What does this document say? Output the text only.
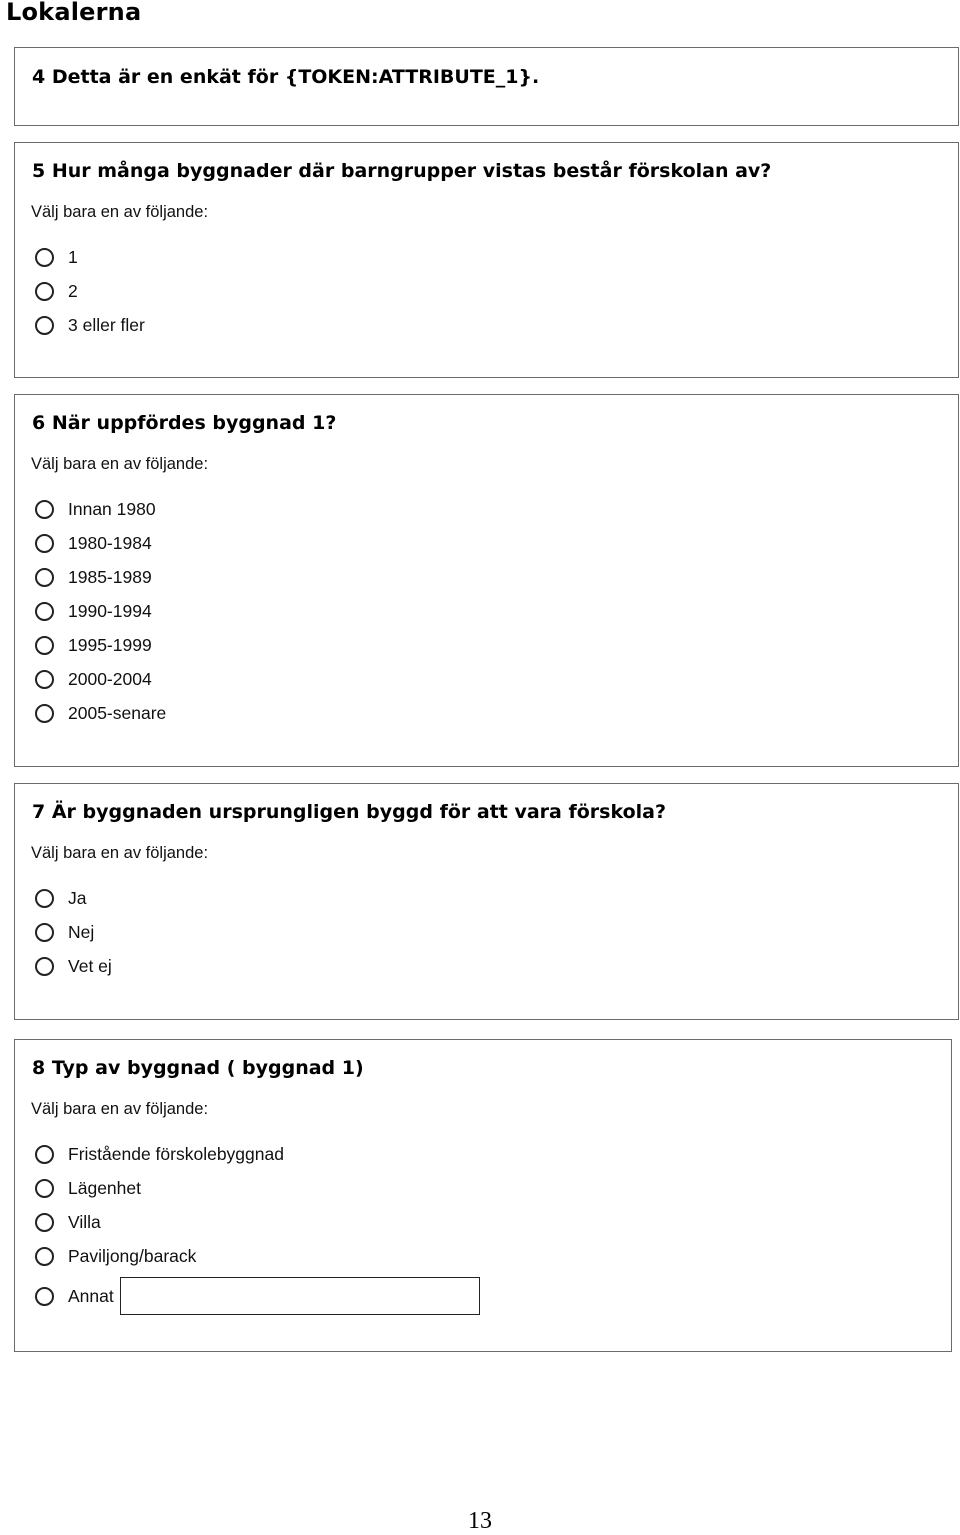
Lokalerna
4 Detta är en enkät för {TOKEN:ATTRIBUTE_1}.
5 Hur många byggnader där barngrupper vistas består förskolan av?
Välj bara en av följande:
1
2
3 eller fler
6 När uppfördes byggnad 1?
Välj bara en av följande:
Innan 1980
1980-1984
1985-1989
1990-1994
1995-1999
2000-2004
2005-senare
7 Är byggnaden ursprungligen byggd för att vara förskola?
Välj bara en av följande:
Ja
Nej
Vet ej
8 Typ av byggnad ( byggnad 1)
Välj bara en av följande:
Fristående förskolebyggnad
Lägenhet
Villa
Paviljong/barack
Annat
13
